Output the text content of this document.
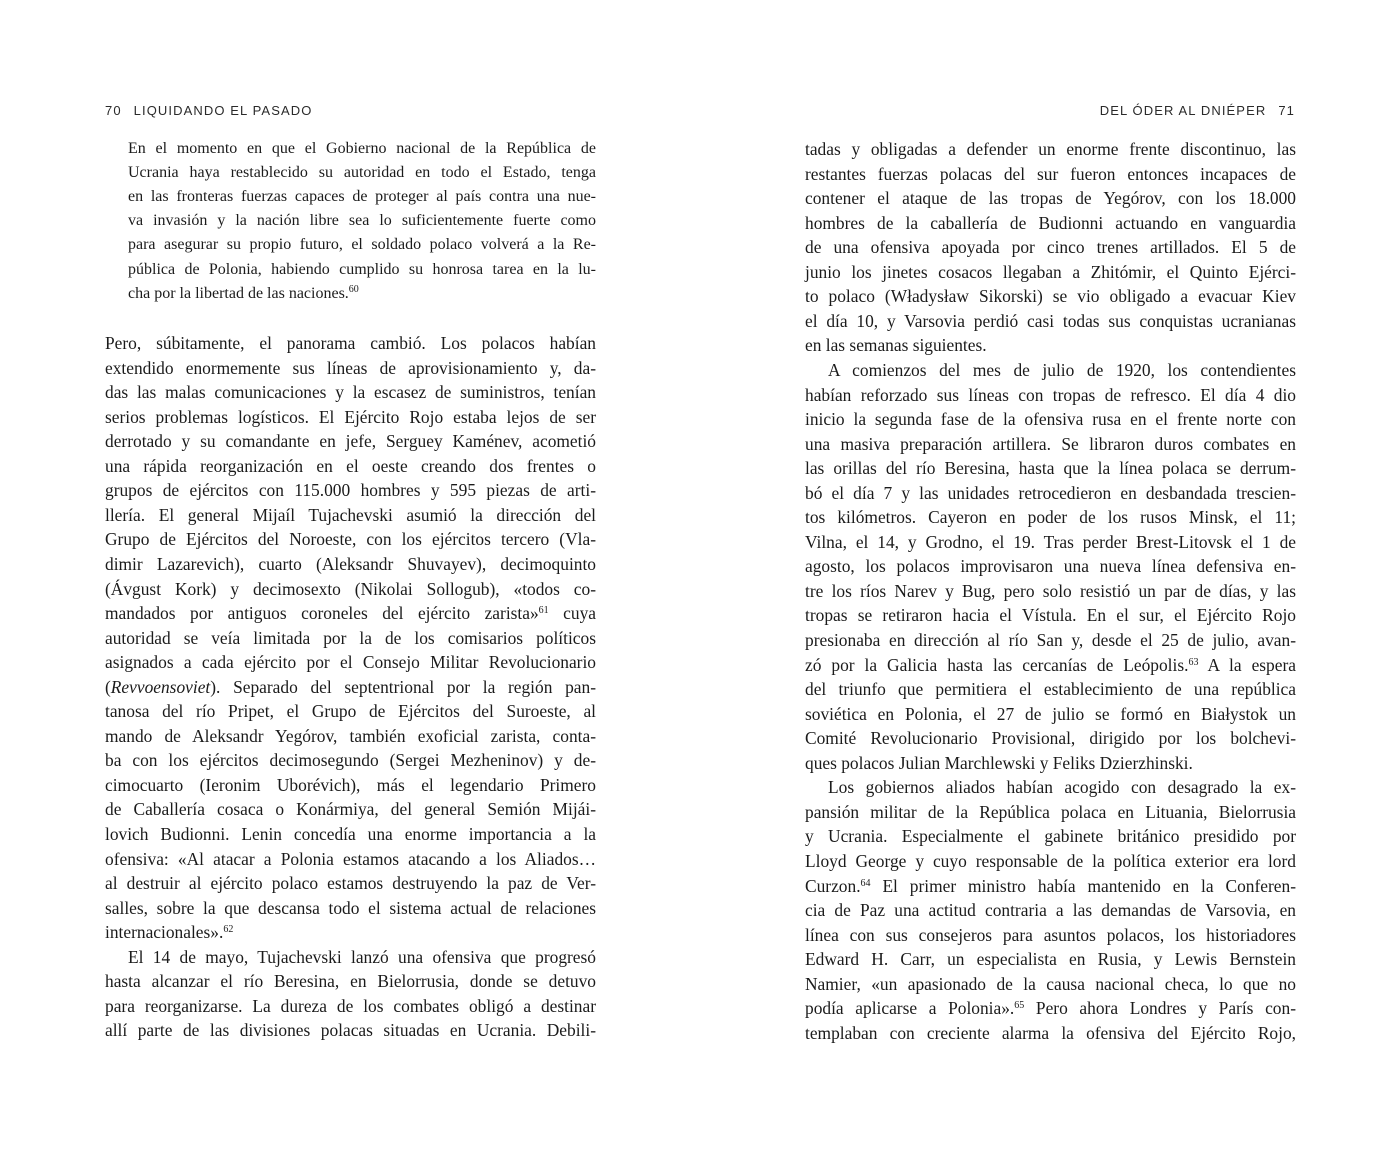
70 LIQUIDANDO EL PASADO
En el momento en que el Gobierno nacional de la República de
Ucrania haya restablecido su autoridad en todo el Estado, tenga
en las fronteras fuerzas capaces de proteger al país contra una nue-
va invasión y la nación libre sea lo suficientemente fuerte como
para asegurar su propio futuro, el soldado polaco volverá a la Re-
pública de Polonia, habiendo cumplido su honrosa tarea en la lu-
cha por la libertad de las naciones.$^{60}$
Pero, súbitamente, el panorama cambió. Los polacos habían
extendido enormemente sus líneas de aprovisionamiento y, da-
das las malas comunicaciones y la escasez de suministros, tenían
serios problemas logísticos. El Ejército Rojo estaba lejos de ser
derrotado y su comandante en jefe, Serguey Kaménev, acometió
una rápida reorganización en el oeste creando dos frentes o
grupos de ejércitos con 115.000 hombres y 595 piezas de arti-
llería. El general Mijaíl Tujachevski asumió la dirección del
Grupo de Ejércitos del Noroeste, con los ejércitos tercero (Vla-
dimir Lazarevich), cuarto (Aleksandr Shuvayev), decimoquinto
(Ávgust Kork) y decimosexto (Nikolai Sollogub), «todos co-
mandados por antiguos coroneles del ejército zarista»$^{61}$ cuya
autoridad se veía limitada por la de los comisarios políticos
asignados a cada ejército por el Consejo Militar Revolucionario
(Revvoensoviet). Separado del septentrional por la región pan-
tanosa del río Pripet, el Grupo de Ejércitos del Suroeste, al
mando de Aleksandr Yegórov, también exoficial zarista, conta-
ba con los ejércitos decimosegundo (Sergei Mezheninov) y de-
cimocuarto (Ieronim Uborévich), más el legendario Primero
de Caballería cosaca o Konármiya, del general Semión Mijái-
lovich Budionni. Lenin concedía una enorme importancia a la
ofensiva: «Al atacar a Polonia estamos atacando a los Aliados…
al destruir al ejército polaco estamos destruyendo la paz de Ver-
salles, sobre la que descansa todo el sistema actual de relaciones
internacionales».$^{62}$
El 14 de mayo, Tujachevski lanzó una ofensiva que progresó
hasta alcanzar el río Beresina, en Bielorrusia, donde se detuvo
para reorganizarse. La dureza de los combates obligó a destinar
allí parte de las divisiones polacas situadas en Ucrania. Debili-
DEL ÓDER AL DNIÉPER 71
tadas y obligadas a defender un enorme frente discontinuo, las
restantes fuerzas polacas del sur fueron entonces incapaces de
contener el ataque de las tropas de Yegórov, con los 18.000
hombres de la caballería de Budionni actuando en vanguardia
de una ofensiva apoyada por cinco trenes artillados. El 5 de
junio los jinetes cosacos llegaban a Zhitómir, el Quinto Ejérci-
to polaco (Władysław Sikorski) se vio obligado a evacuar Kiev
el día 10, y Varsovia perdió casi todas sus conquistas ucranianas
en las semanas siguientes.
A comienzos del mes de julio de 1920, los contendientes
habían reforzado sus líneas con tropas de refresco. El día 4 dio
inicio la segunda fase de la ofensiva rusa en el frente norte con
una masiva preparación artillera. Se libraron duros combates en
las orillas del río Beresina, hasta que la línea polaca se derrum-
bó el día 7 y las unidades retrocedieron en desbandada trescien-
tos kilómetros. Cayeron en poder de los rusos Minsk, el 11;
Vilna, el 14, y Grodno, el 19. Tras perder Brest-Litovsk el 1 de
agosto, los polacos improvisaron una nueva línea defensiva en-
tre los ríos Narev y Bug, pero solo resistió un par de días, y las
tropas se retiraron hacia el Vístula. En el sur, el Ejército Rojo
presionaba en dirección al río San y, desde el 25 de julio, avan-
zó por la Galicia hasta las cercanías de Leópolis.$^{63}$ A la espera
del triunfo que permitiera el establecimiento de una república
soviética en Polonia, el 27 de julio se formó en Białystok un
Comité Revolucionario Provisional, dirigido por los bolchevi-
ques polacos Julian Marchlewski y Feliks Dzierzhinski.
Los gobiernos aliados habían acogido con desagrado la ex-
pansión militar de la República polaca en Lituania, Bielorrusia
y Ucrania. Especialmente el gabinete británico presidido por
Lloyd George y cuyo responsable de la política exterior era lord
Curzon.$^{64}$ El primer ministro había mantenido en la Conferen-
cia de Paz una actitud contraria a las demandas de Varsovia, en
línea con sus consejeros para asuntos polacos, los historiadores
Edward H. Carr, un especialista en Rusia, y Lewis Bernstein
Namier, «un apasionado de la causa nacional checa, lo que no
podía aplicarse a Polonia».$^{65}$ Pero ahora Londres y París con-
templaban con creciente alarma la ofensiva del Ejército Rojo,
